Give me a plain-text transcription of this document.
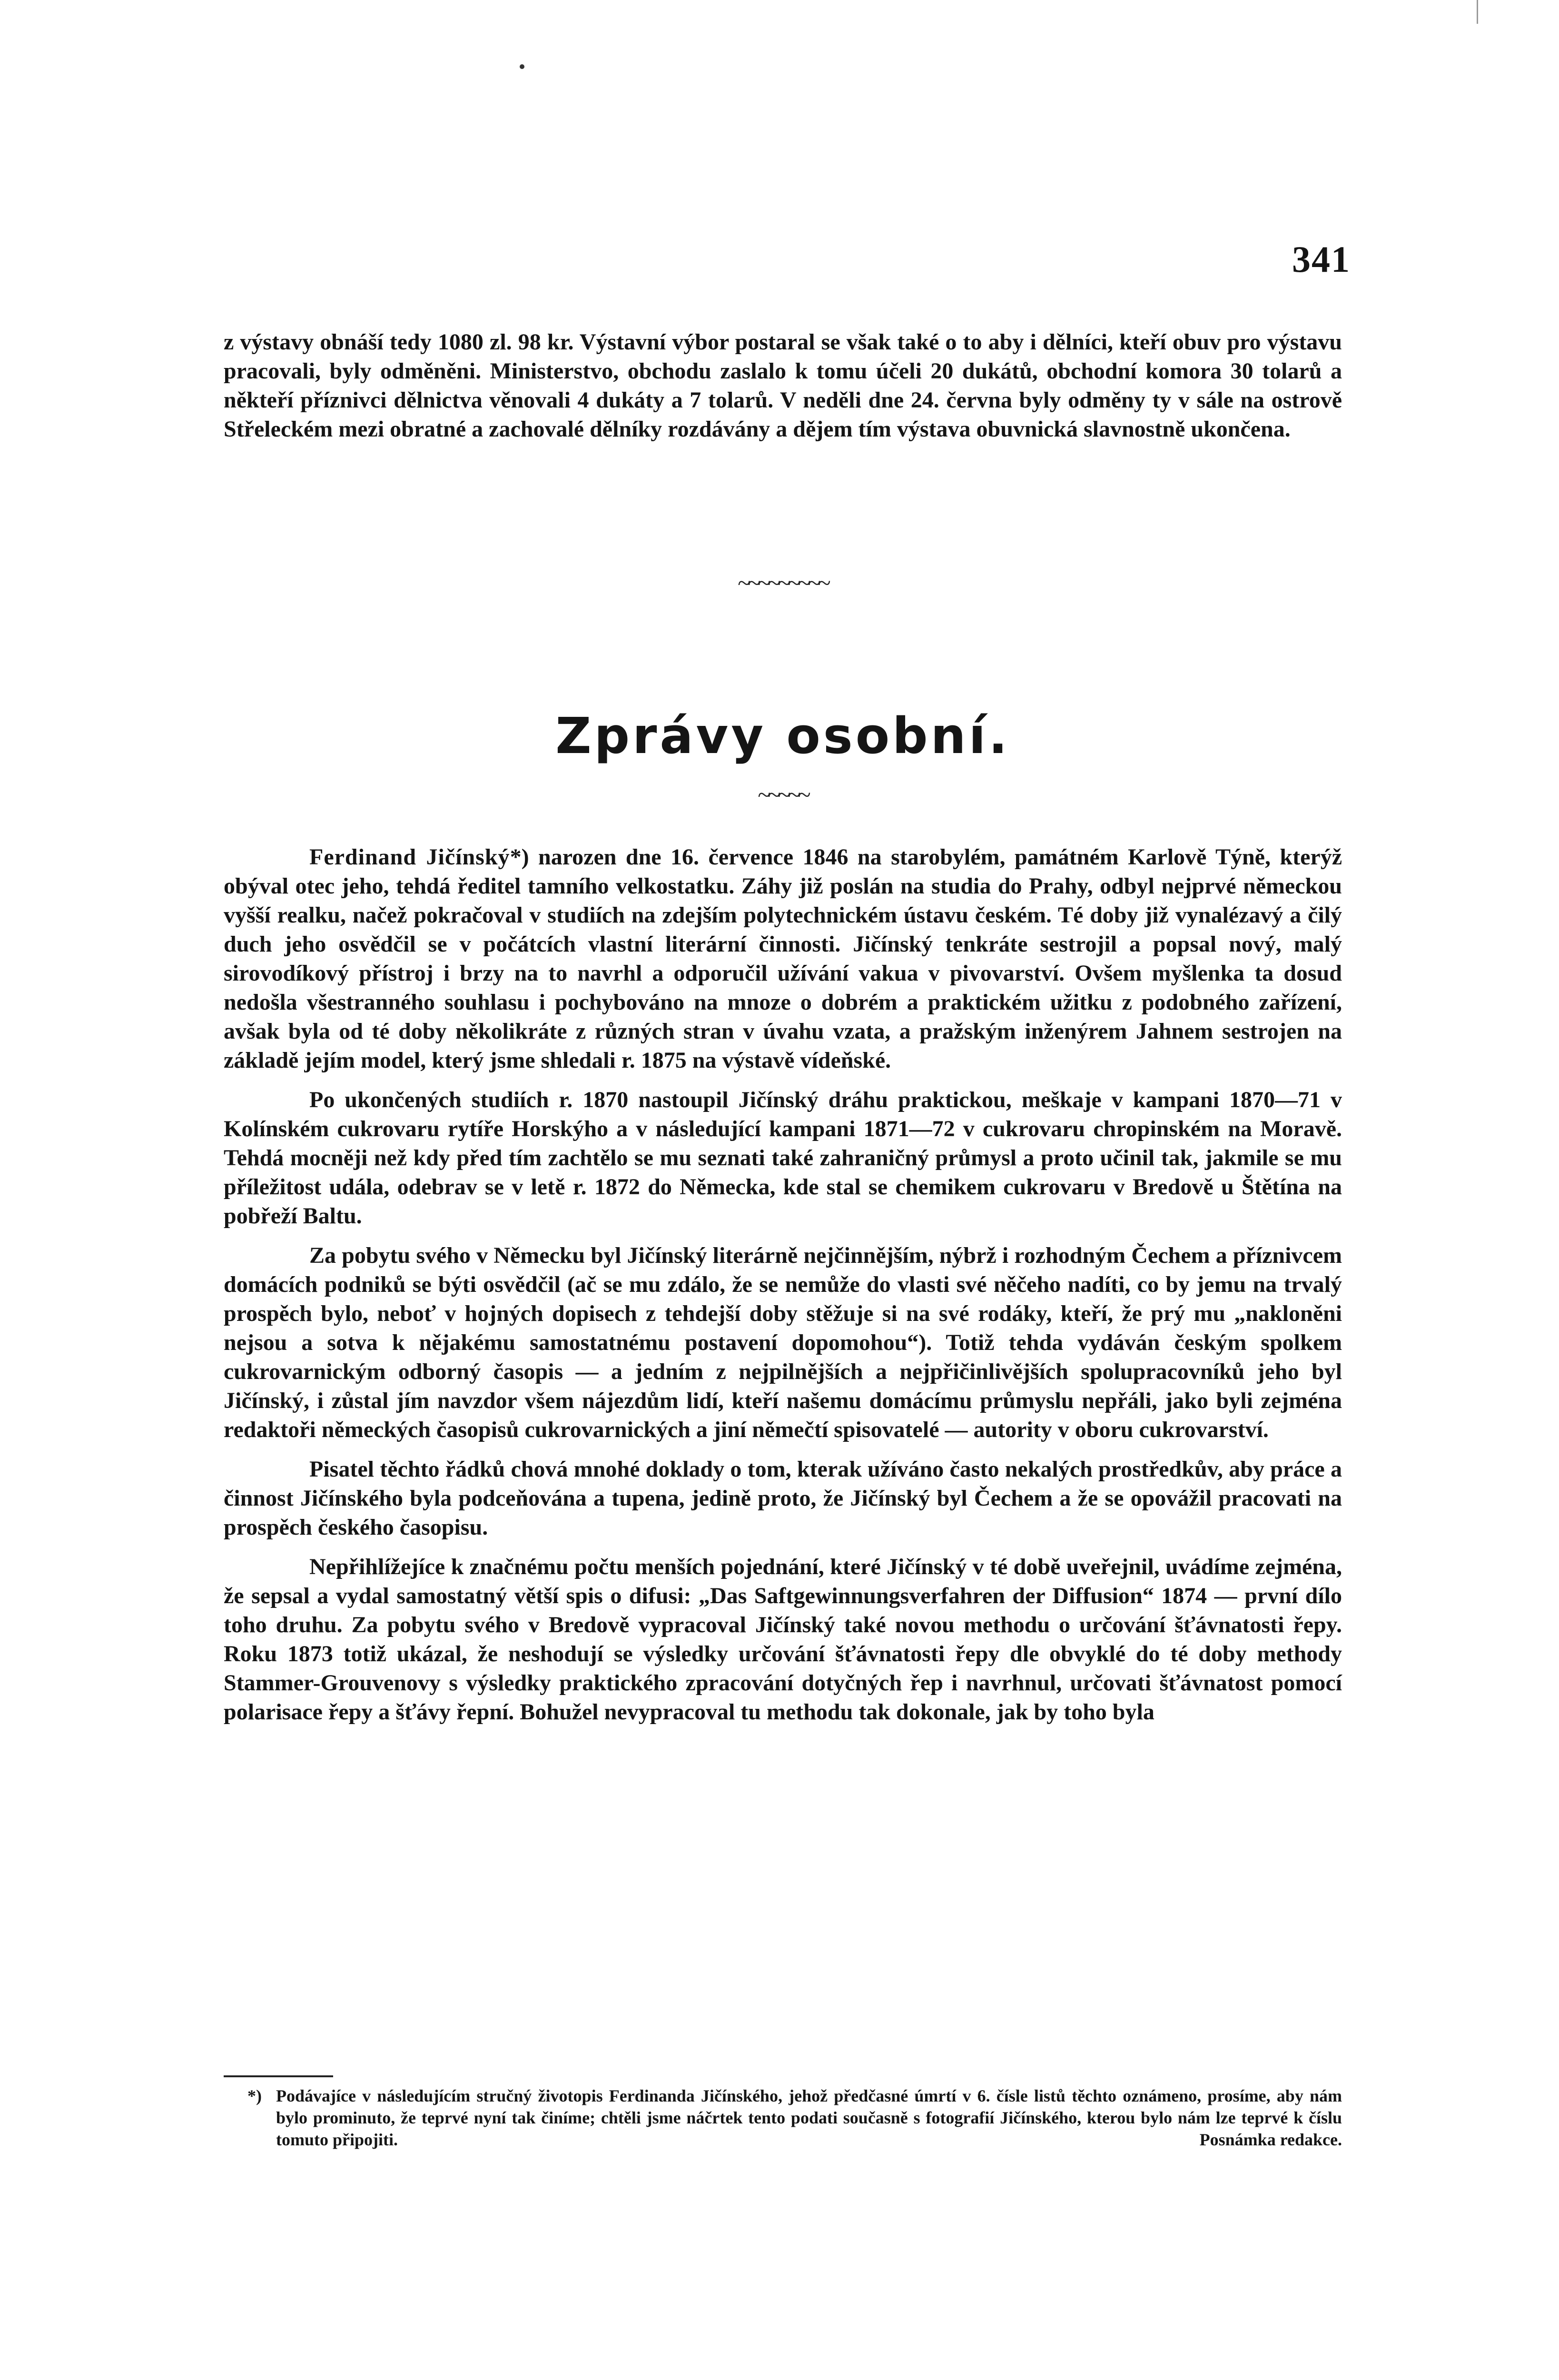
341

z výstavy obnáší tedy 1080 zl. 98 kr. Výstavní výbor postaral se však také o to aby i dělníci, kteří obuv pro výstavu pracovali, byly odměněni. Ministerstvo, obchodu zaslalo k tomu účeli 20 dukátů, obchodní komora 30 tolarů a někteří příznivci dělnictva věnovali 4 dukáty a 7 tolarů. V neděli dne 24. června byly odměny ty v sále na ostrově Střeleckém mezi obratné a zachovalé dělníky rozdávány a dějem tím výstava obuvnická slavnostně ukončena.

~~~~~~~~~
Zprávy osobní.
~~~~~

Ferdinand Jičínský*) narozen dne 16. července 1846 na starobylém, památném Karlově Týně, kterýž obýval otec jeho, tehdá ředitel tamního velkostatku. Záhy již poslán na studia do Prahy, odbyl nejprvé německou vyšší realku, načež pokračoval v studiích na zdejším polytechnickém ústavu českém. Té doby již vynalézavý a čilý duch jeho osvědčil se v počátcích vlastní literární činnosti. Jičínský tenkráte sestrojil a popsal nový, malý sirovodíkový přístroj i brzy na to navrhl a odporučil užívání vakua v pivovarství. Ovšem myšlenka ta dosud nedošla všestranného souhlasu i pochybováno na mnoze o dobrém a praktickém užitku z podobného zařízení, avšak byla od té doby několikráte z různých stran v úvahu vzata, a pražským inženýrem Jahnem sestrojen na základě jejím model, který jsme shledali r. 1875 na výstavě vídeňské.

Po ukončených studiích r. 1870 nastoupil Jičínský dráhu praktickou, meškaje v kampani 1870—71 v Kolínském cukrovaru rytíře Horskýho a v následující kampani 1871—72 v cukrovaru chropinském na Moravě. Tehdá mocněji než kdy před tím zachtělo se mu seznati také zahraničný průmysl a proto učinil tak, jakmile se mu příležitost udála, odebrav se v letě r. 1872 do Německa, kde stal se chemikem cukrovaru v Bredově u Štětína na pobřeží Baltu.

Za pobytu svého v Německu byl Jičínský literárně nejčinnějším, nýbrž i rozhodným Čechem a příznivcem domácích podniků se býti osvědčil (ač se mu zdálo, že se nemůže do vlasti své něčeho nadíti, co by jemu na trvalý prospěch bylo, neboť v hojných dopisech z tehdejší doby stěžuje si na své rodáky, kteří, že prý mu „nakloněni nejsou a sotva k nějakému samostatnému postavení dopomohou“). Totiž tehda vydáván českým spolkem cukrovarnickým odborný časopis — a jedním z nejpilnějších a nejpřičinlivějších spolupracovníků jeho byl Jičínský, i zůstal jím navzdor všem nájezdům lidí, kteří našemu domácímu průmyslu nepřáli, jako byli zejména redaktoři německých časopisů cukrovarnických a jiní němečtí spisovatelé — autority v oboru cukrovarství.

Pisatel těchto řádků chová mnohé doklady o tom, kterak užíváno často nekalých prostředkův, aby práce a činnost Jičínského byla podceňována a tupena, jedině proto, že Jičínský byl Čechem a že se opovážil pracovati na prospěch českého časopisu.

Nepřihlížejíce k značnému počtu menších pojednání, které Jičínský v té době uveřejnil, uvádíme zejména, že sepsal a vydal samostatný větší spis o difusi: „Das Saftgewinnungsverfahren der Diffusion“ 1874 — první dílo toho druhu. Za pobytu svého v Bredově vypracoval Jičínský také novou methodu o určování šťávnatosti řepy. Roku 1873 totiž ukázal, že neshodují se výsledky určování šťávnatosti řepy dle obvyklé do té doby methody Stammer-Grouvenovy s výsledky praktického zpracování dotyčných řep i navrhnul, určovati šťávnatost pomocí polarisace řepy a šťávy řepní. Bohužel nevypracoval tu methodu tak dokonale, jak by toho byla

*) Podávajíce v následujícím stručný životopis Ferdinanda Jičínského, jehož předčasné úmrtí v 6. čísle listů těchto oznámeno, prosíme, aby nám bylo prominuto, že teprvé nyní tak činíme; chtěli jsme náčrtek tento podati současně s fotografií Jičínského, kterou bylo nám lze teprvé k číslu tomuto připojiti.	Posnámka redakce.
